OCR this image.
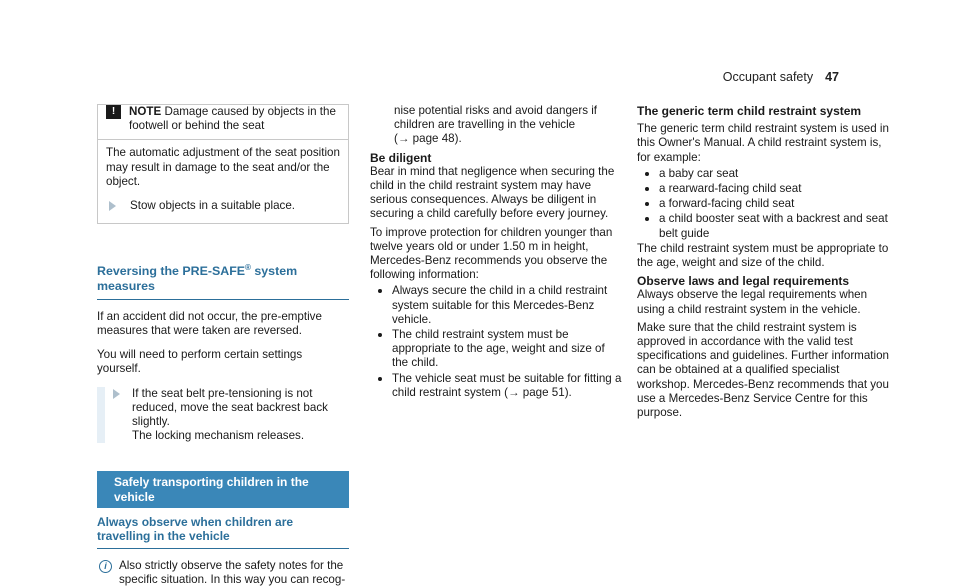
Occupant safety 47
!	NOTE Damage caused by objects in the
footwell or behind the seat
The automatic adjustment of the seat position may result in damage to the seat and/or the object.
Stow objects in a suitable place.
Reversing the PRE-SAFE® system measures
If an accident did not occur, the pre-emptive measures that were taken are reversed.
You will need to perform certain settings yourself.
If the seat belt pre-tensioning is not reduced, move the seat backrest back slightly.
The locking mechanism releases.
Safely transporting children in the vehicle
Always observe when children are travelling in the vehicle
i	Also strictly observe the safety notes for the specific situation. In this way you can recog-
nise potential risks and avoid dangers if children are travelling in the vehicle
(→ page 48).
Be diligent
Bear in mind that negligence when securing the child in the child restraint system may have serious consequences. Always be diligent in securing a child carefully before every journey.
To improve protection for children younger than twelve years old or under 1.50 m in height, Mercedes-Benz recommends you observe the following information:
Always secure the child in a child restraint system suitable for this Mercedes-Benz vehicle.
The child restraint system must be appropriate to the age, weight and size of the child.
The vehicle seat must be suitable for fitting a child restraint system (→ page 51).
The generic term child restraint system
The generic term child restraint system is used in this Owner's Manual. A child restraint system is, for example:
a baby car seat
a rearward-facing child seat
a forward-facing child seat
a child booster seat with a backrest and seat belt guide
The child restraint system must be appropriate to the age, weight and size of the child.
Observe laws and legal requirements
Always observe the legal requirements when using a child restraint system in the vehicle.
Make sure that the child restraint system is approved in accordance with the valid test specifications and guidelines. Further information can be obtained at a qualified specialist workshop. Mercedes-Benz recommends that you use a Mercedes-Benz Service Centre for this purpose.
